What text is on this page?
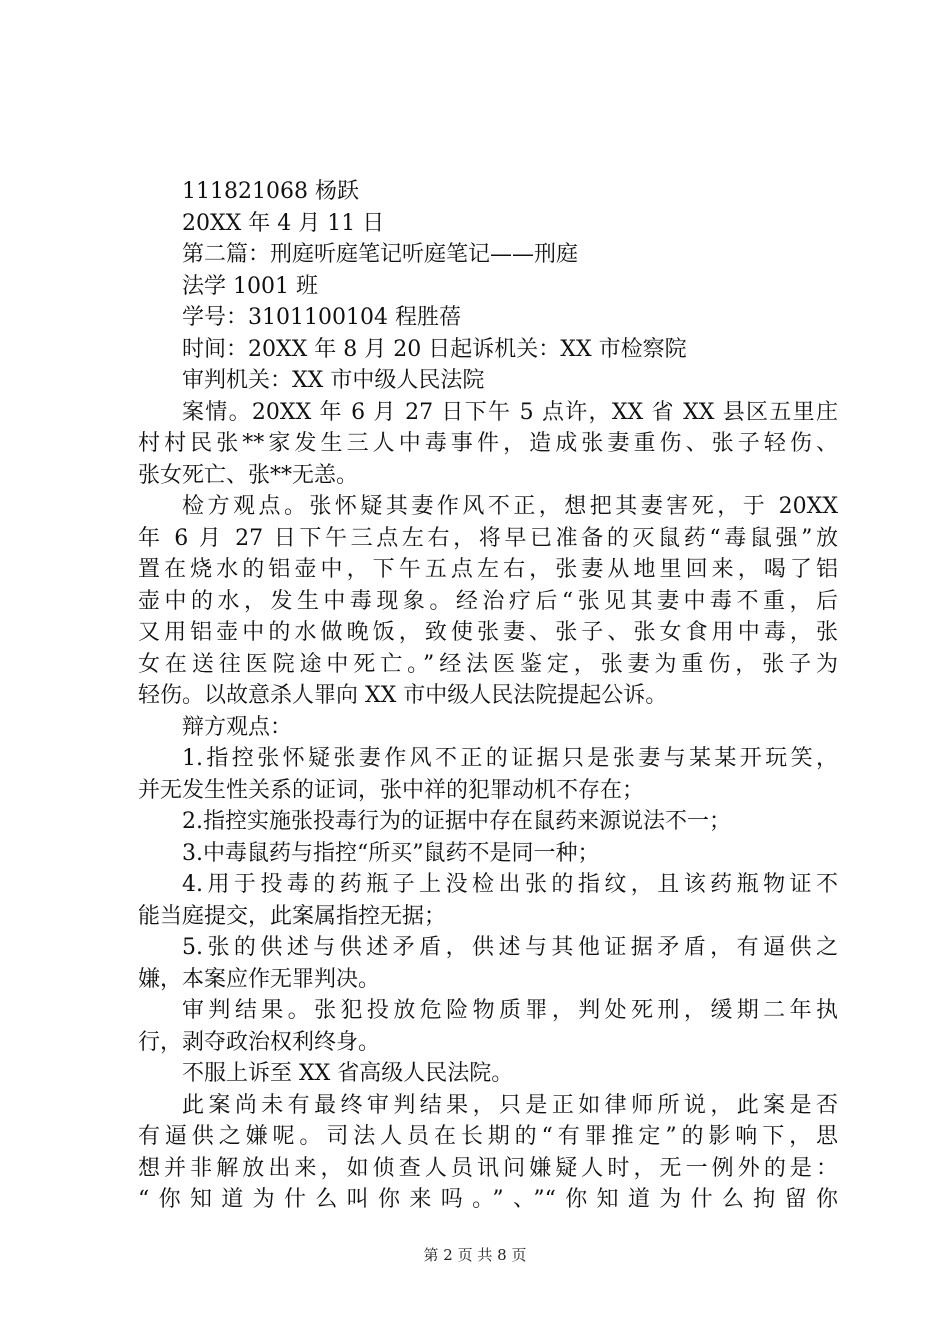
111821068 杨跃
20XX 年 4 月 11 日
第二篇：刑庭听庭笔记听庭笔记——刑庭
法学 1001 班
学号：3101100104 程胜蓓
时间：20XX 年 8 月 20 日起诉机关：XX 市检察院
审判机关：XX 市中级人民法院
案情。20XX 年 6 月 27 日下午 5 点许，XX 省 XX 县区五里庄
村村民张**家发生三人中毒事件，造成张妻重伤、张子轻伤、
张女死亡、张**无恙。
检方观点。张怀疑其妻作风不正，想把其妻害死，于 20XX
年 6 月 27 日下午三点左右，将早已准备的灭鼠药“毒鼠强”放
置在烧水的铝壶中，下午五点左右，张妻从地里回来，喝了铝
壶中的水，发生中毒现象。经治疗后“张见其妻中毒不重，后
又用铝壶中的水做晚饭，致使张妻、张子、张女食用中毒，张
女在送往医院途中死亡。”经法医鉴定，张妻为重伤，张子为
轻伤。以故意杀人罪向 XX 市中级人民法院提起公诉。
辩方观点：
1.指控张怀疑张妻作风不正的证据只是张妻与某某开玩笑，
并无发生性关系的证词，张中祥的犯罪动机不存在；
2.指控实施张投毒行为的证据中存在鼠药来源说法不一；
3.中毒鼠药与指控“所买”鼠药不是同一种；
4.用于投毒的药瓶子上没检出张的指纹，且该药瓶物证不
能当庭提交，此案属指控无据；
5.张的供述与供述矛盾，供述与其他证据矛盾，有逼供之
嫌，本案应作无罪判决。
审判结果。张犯投放危险物质罪，判处死刑，缓期二年执
行，剥夺政治权利终身。
不服上诉至 XX 省高级人民法院。
此案尚未有最终审判结果，只是正如律师所说，此案是否
有逼供之嫌呢。司法人员在长期的“有罪推定”的影响下，思
想并非解放出来，如侦查人员讯问嫌疑人时，无一例外的是：
“你知道为什么叫你来吗。”、”“你知道为什么拘留你
第 2 页 共 8 页
